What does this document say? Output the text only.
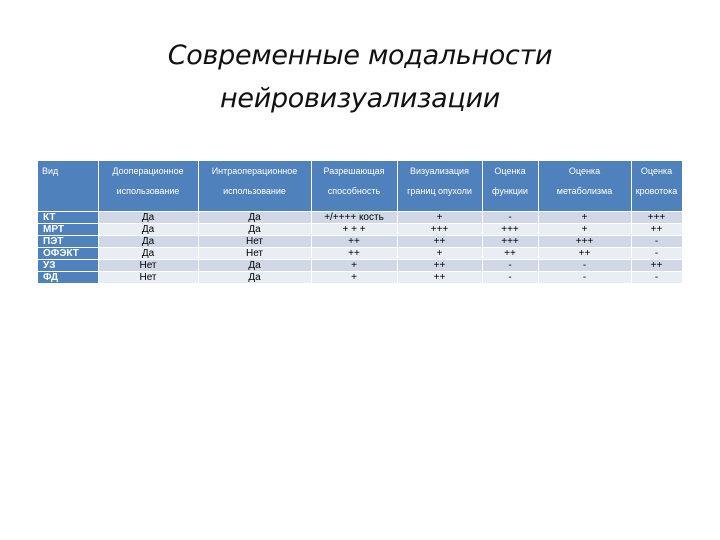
Современные модальности
нейровизуализации
Вид	Дооперационное использование	Интраоперационное использование	Разрешающая способность	Визуализация границ опухоли	Оценка функции	Оценка метаболизма	Оценка кровотока
КТ	Да	Да	+/++++ кость	+	-	+	+++
МРТ	Да	Да	+ + +	+++	+++	+	++
ПЭТ	Да	Нет	++	++	+++	+++	-
ОФЭКТ	Да	Нет	++	+	++	++	-
УЗ	Нет	Да	+	++	-	-	++
ФД	Нет	Да	+	++	-	-	-
